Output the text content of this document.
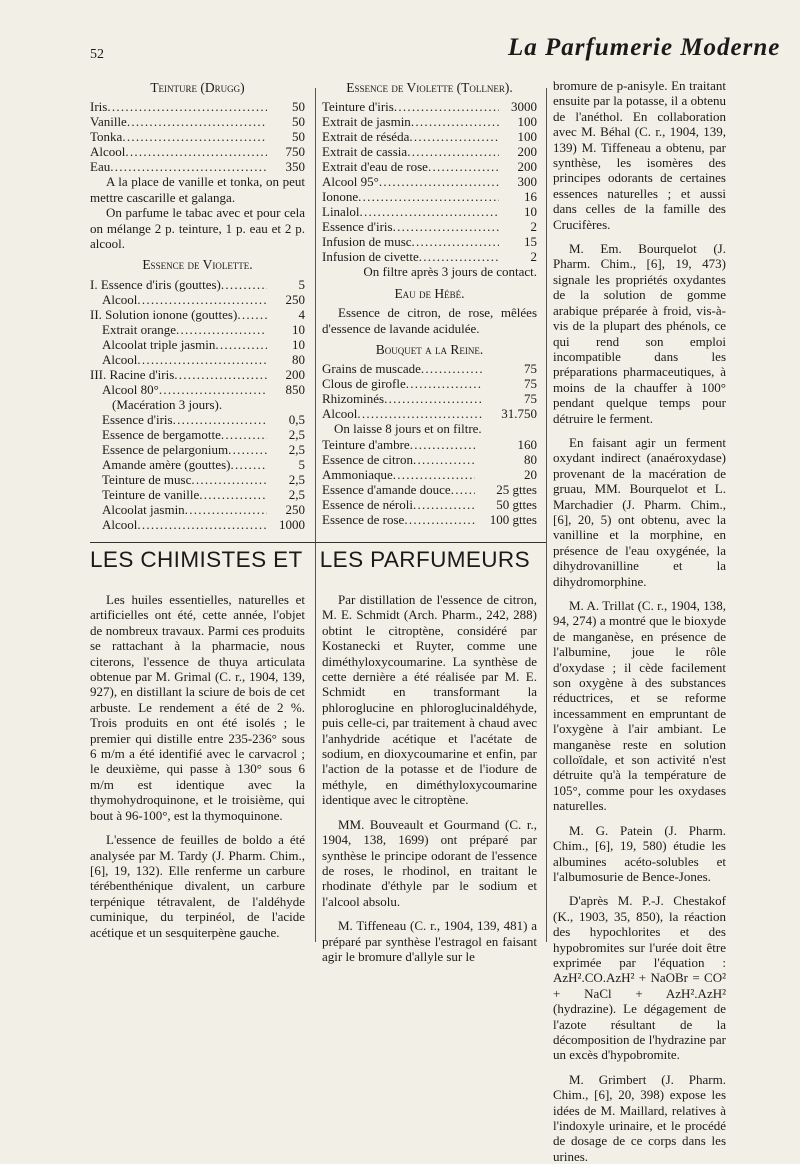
52	La Parfumerie Moderne
Teinture (Drugg)
Iris . . .	50
Vanille . . .	50
Tonka . . .	50
Alcool . . .	750
Eau . . .	350

A la place de vanille et tonka, on peut mettre cascarille et galanga.

On parfume le tabac avec et pour cela on mélange 2 p. teinture, 1 p. eau et 2 p. alcool.

Essence de Violette.
I. Essence d'iris (gouttes) . . .	5
Alcool . . .	250
II. Solution ionone (gouttes) . . .	4
Extrait orange . . .	10
Alcoolat triple jasmin . . .	10
Alcool . . .	80
III. Racine d'iris . . .	200
Alcool 80° . . .	850
(Macération 3 jours).
Essence d'iris . . .	0,5
Essence de bergamotte . . .	2,5
Essence de pelargonium . . .	2,5
Amande amère (gouttes) . . .	5
Teinture de musc . . .	2,5
Teinture de vanille . . .	2,5
Alcoolat jasmin . . .	250
Alcool . . .	1000
Essence de Violette (Tollner).
Teinture d'iris . . .	3000
Extrait de jasmin . . .	100
Extrait de réséda . . .	100
Extrait de cassia . . .	200
Extrait d'eau de rose . . .	200
Alcool 95° . . .	300
Ionone . . .	16
Linalol . . .	10
Essence d'iris . . .	2
Infusion de musc . . .	15
Infusion de civette . . .	2
On filtre après 3 jours de contact.
Eau de Hébé.

Essence de citron, de rose, mêlées d'essence de lavande acidulée.

Bouquet a la Reine.
Grains de muscade . . .	75
Clous de girofle . . .	75
Rhizominés . . .	75
Alcool . . .	31.750
On laisse 8 jours et on filtre.
Teinture d'ambre . . .	160
Essence de citron . . .	80
Ammoniaque . . .	20
Essence d'amande douce . . .	25 gttes
Essence de néroli . . .	50 gttes
Essence de rose . . .	100 gttes

bromure de p-anisyle. En traitant ensuite par la potasse, il a obtenu de l'anéthol. En collaboration avec M. Béhal (C. r., 1904, 139, 139) M. Tiffeneau a obtenu, par synthèse, les isomères des principes odorants de certaines essences naturelles ; et aussi dans celles de la famille des Crucifères.

M. Em. Bourquelot (J. Pharm. Chim., [6], 19, 473) signale les propriétés oxydantes de la solution de gomme arabique préparée à froid, vis-à-vis de la plupart des phénols, ce qui rend son emploi incompatible dans les préparations pharmaceutiques, à moins de la chauffer à 100° pendant quelque temps pour détruire le ferment.

En faisant agir un ferment oxydant indirect (anaéroxydase) provenant de la macération de gruau, MM. Bourquelot et L. Marchadier (J. Pharm. Chim., [6], 20, 5) ont obtenu, avec la vanilline et la morphine, en présence de l'eau oxygénée, la dihydrovanilline et la dihydromorphine.

M. A. Trillat (C. r., 1904, 138, 94, 274) a montré que le bioxyde de manganèse, en présence de l'albumine, joue le rôle d'oxydase ; il cède facilement son oxygène à des substances réductrices, et se reforme incessamment en empruntant de l'oxygène à l'air ambiant. Le manganèse reste en solution colloïdale, et son activité n'est détruite qu'à la température de 105°, comme pour les oxydases naturelles.

M. G. Patein (J. Pharm. Chim., [6], 19, 580) étudie les albumines acéto-solubles et l'albumosurie de Bence-Jones.

D'après M. P.-J. Chestakof (K., 1903, 35, 850), la réaction des hypochlorites et des hypobromites sur l'urée doit être exprimée par l'équation : AzH².CO.AzH² + NaOBr = CO² + NaCl + AzH².AzH² (hydrazine). Le dégagement de l'azote résultant de la décomposition de l'hydrazine par un excès d'hypobromite.

M. Grimbert (J. Pharm. Chim., [6], 20, 398) expose les idées de M. Maillard, relatives à l'indoxyle urinaire, et le procédé de dosage de ce corps dans les urines.

LES CHIMISTES ET LES PARFUMEURS

Les huiles essentielles, naturelles et artificielles ont été, cette année, l'objet de nombreux travaux. Parmi ces produits se rattachant à la pharmacie, nous citerons, l'essence de thuya articulata obtenue par M. Grimal (C. r., 1904, 139, 927), en distillant la sciure de bois de cet arbuste. Le rendement a été de 2 %. Trois produits en ont été isolés ; le premier qui distille entre 235-236° sous 6 m/m a été identifié avec le carvacrol ; le deuxième, qui passe à 130° sous 6 m/m est identique avec la thymohydroquinone, et le troisième, qui bout à 96-100°, est la thymoquinone.

L'essence de feuilles de boldo a été analysée par M. Tardy (J. Pharm. Chim., [6], 19, 132). Elle renferme un carbure térébenthénique divalent, un carbure terpénique tétravalent, de l'aldéhyde cuminique, du terpinéol, de l'acide acétique et un sesquiterpène gauche.

Par distillation de l'essence de citron, M. E. Schmidt (Arch. Pharm., 242, 288) obtint le citroptène, considéré par Kostanecki et Ruyter, comme une diméthyloxycoumarine. La synthèse de cette dernière a été réalisée par M. E. Schmidt en transformant la phloroglucine en phloroglucinaldéhyde, puis celle-ci, par traitement à chaud avec l'anhydride acétique et l'acétate de sodium, en dioxycoumarine et enfin, par l'action de la potasse et de l'iodure de méthyle, en diméthyloxycoumarine identique avec le citroptène.

MM. Bouveault et Gourmand (C. r., 1904, 138, 1699) ont préparé par synthèse le principe odorant de l'essence de roses, le rhodinol, en traitant le rhodinate d'éthyle par le sodium et l'alcool absolu.

M. Tiffeneau (C. r., 1904, 139, 481) a préparé par synthèse l'estragol en faisant agir le bromure d'allyle sur le
